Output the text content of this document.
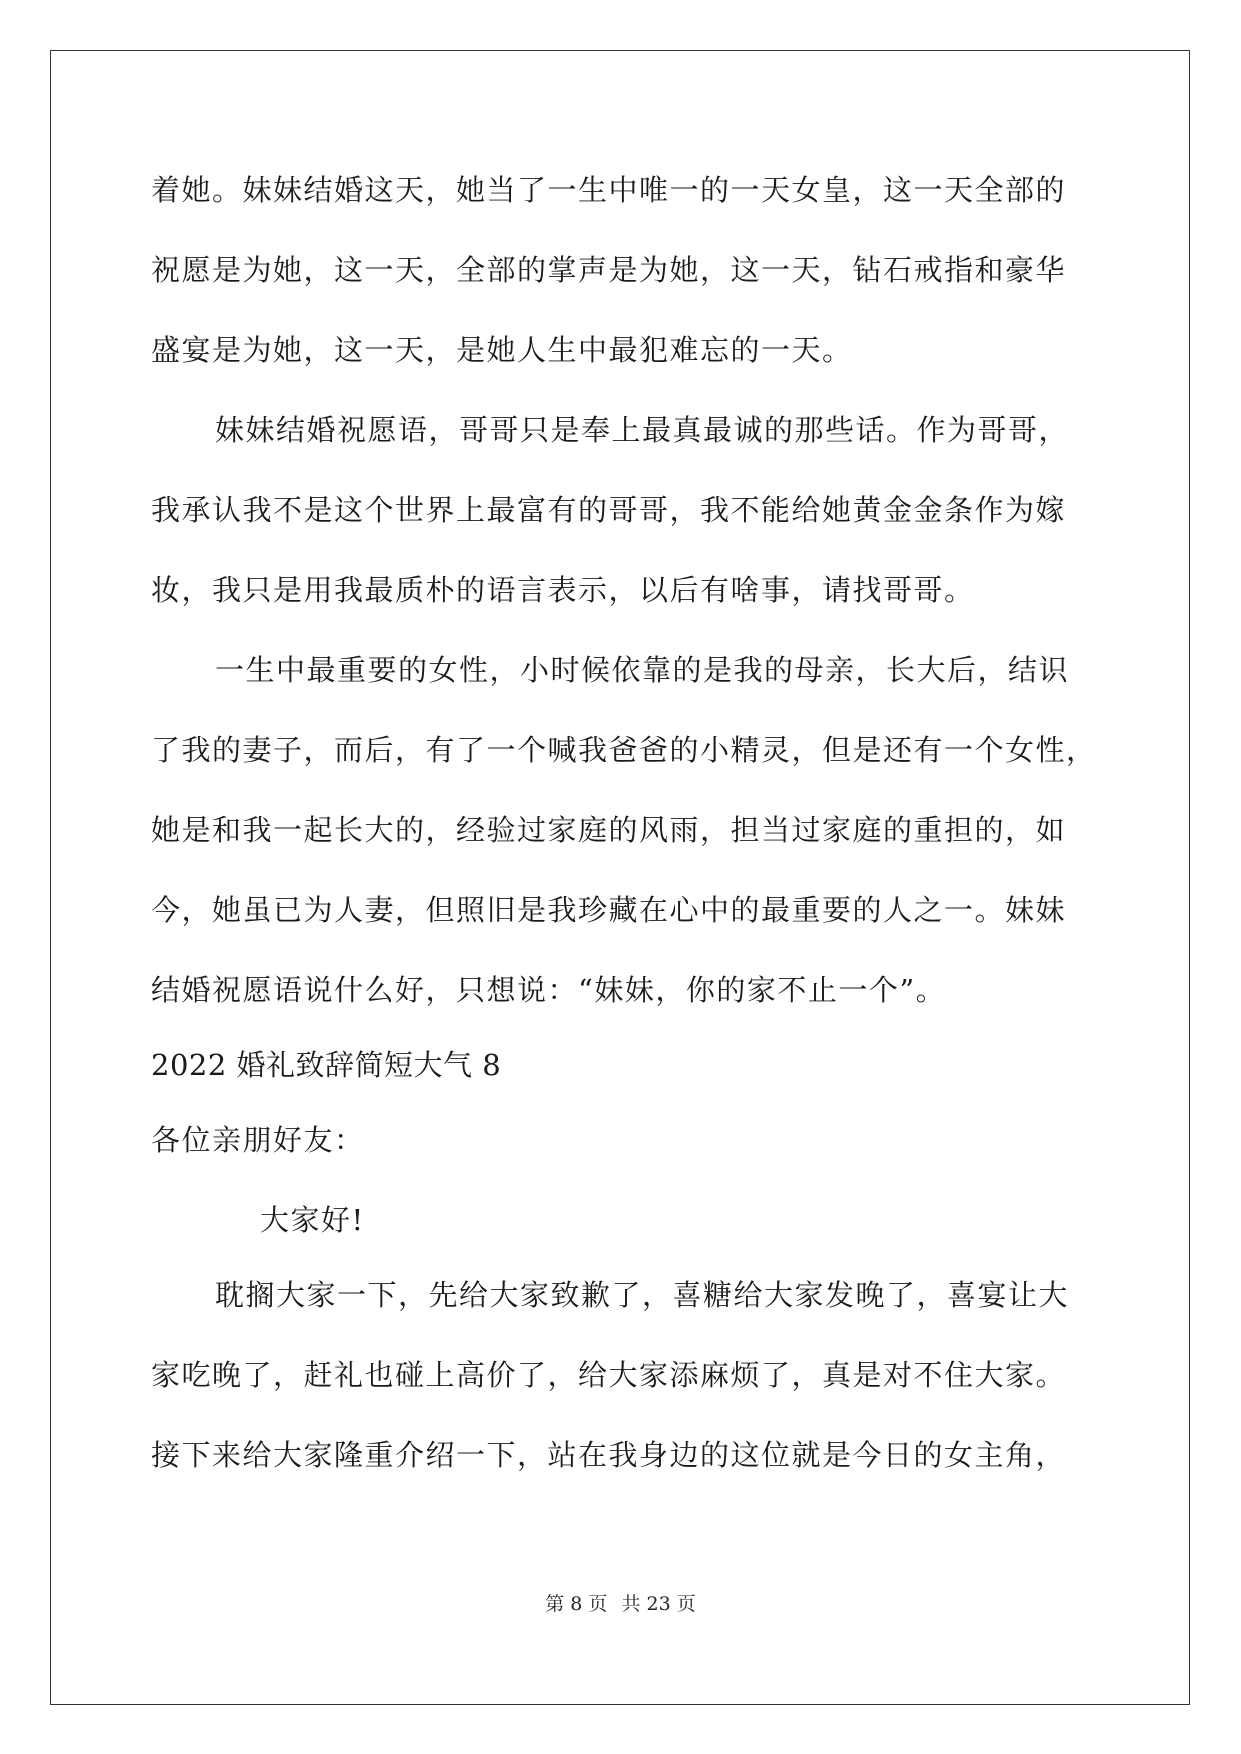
着她。妹妹结婚这天，她当了一生中唯一的一天女皇，这一天全部的
祝愿是为她，这一天，全部的掌声是为她，这一天，钻石戒指和豪华
盛宴是为她，这一天，是她人生中最犯难忘的一天。
妹妹结婚祝愿语，哥哥只是奉上最真最诚的那些话。作为哥哥，
我承认我不是这个世界上最富有的哥哥，我不能给她黄金金条作为嫁
妆，我只是用我最质朴的语言表示，以后有啥事，请找哥哥。
一生中最重要的女性，小时候依靠的是我的母亲，长大后，结识
了我的妻子，而后，有了一个喊我爸爸的小精灵，但是还有一个女性，
她是和我一起长大的，经验过家庭的风雨，担当过家庭的重担的，如
今，她虽已为人妻，但照旧是我珍藏在心中的最重要的人之一。妹妹
结婚祝愿语说什么好，只想说：“妹妹，你的家不止一个”。
2022 婚礼致辞简短大气 8
各位亲朋好友：
大家好!
耽搁大家一下，先给大家致歉了，喜糖给大家发晚了，喜宴让大
家吃晚了，赶礼也碰上高价了，给大家添麻烦了，真是对不住大家。
接下来给大家隆重介绍一下，站在我身边的这位就是今日的女主角，
第 8 页 共 23 页
